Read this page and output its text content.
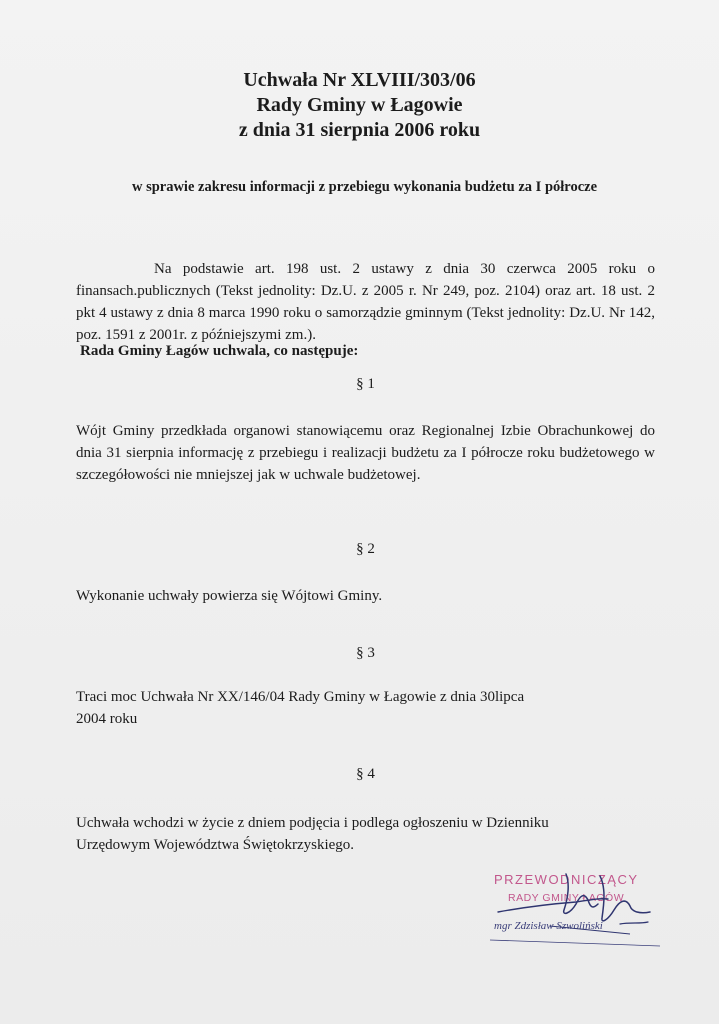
Uchwała Nr XLVIII/303/06
Rady Gminy w Łagowie
z dnia 31 sierpnia 2006 roku
w sprawie zakresu informacji z przebiegu wykonania budżetu za I półrocze
Na podstawie art. 198 ust. 2 ustawy z dnia 30 czerwca 2005 roku o finansach.publicznych (Tekst jednolity: Dz.U. z 2005 r. Nr 249, poz. 2104) oraz art. 18 ust. 2 pkt 4 ustawy z dnia 8 marca 1990 roku o samorządzie gminnym (Tekst jednolity: Dz.U. Nr 142, poz. 1591 z 2001r. z późniejszymi zm.).
Rada Gminy Łagów uchwala, co następuje:
§ 1
Wójt Gminy przedkłada organowi stanowiącemu oraz Regionalnej Izbie Obrachunkowej do dnia 31 sierpnia informację z przebiegu i realizacji budżetu za I półrocze roku budżetowego w szczegółowości nie mniejszej jak w uchwale budżetowej.
§ 2
Wykonanie uchwały powierza się Wójtowi Gminy.
§ 3
Traci moc Uchwała Nr XX/146/04 Rady Gminy w Łagowie z dnia 30lipca
2004 roku
§ 4
Uchwała wchodzi w życie z dniem podjęcia i podlega ogłoszeniu w Dzienniku
Urzędowym Województwa Świętokrzyskiego.
PRZEWODNICZĄCY
RADY GMINY ŁAGÓW
mgr Zdzisław Szwoliński
